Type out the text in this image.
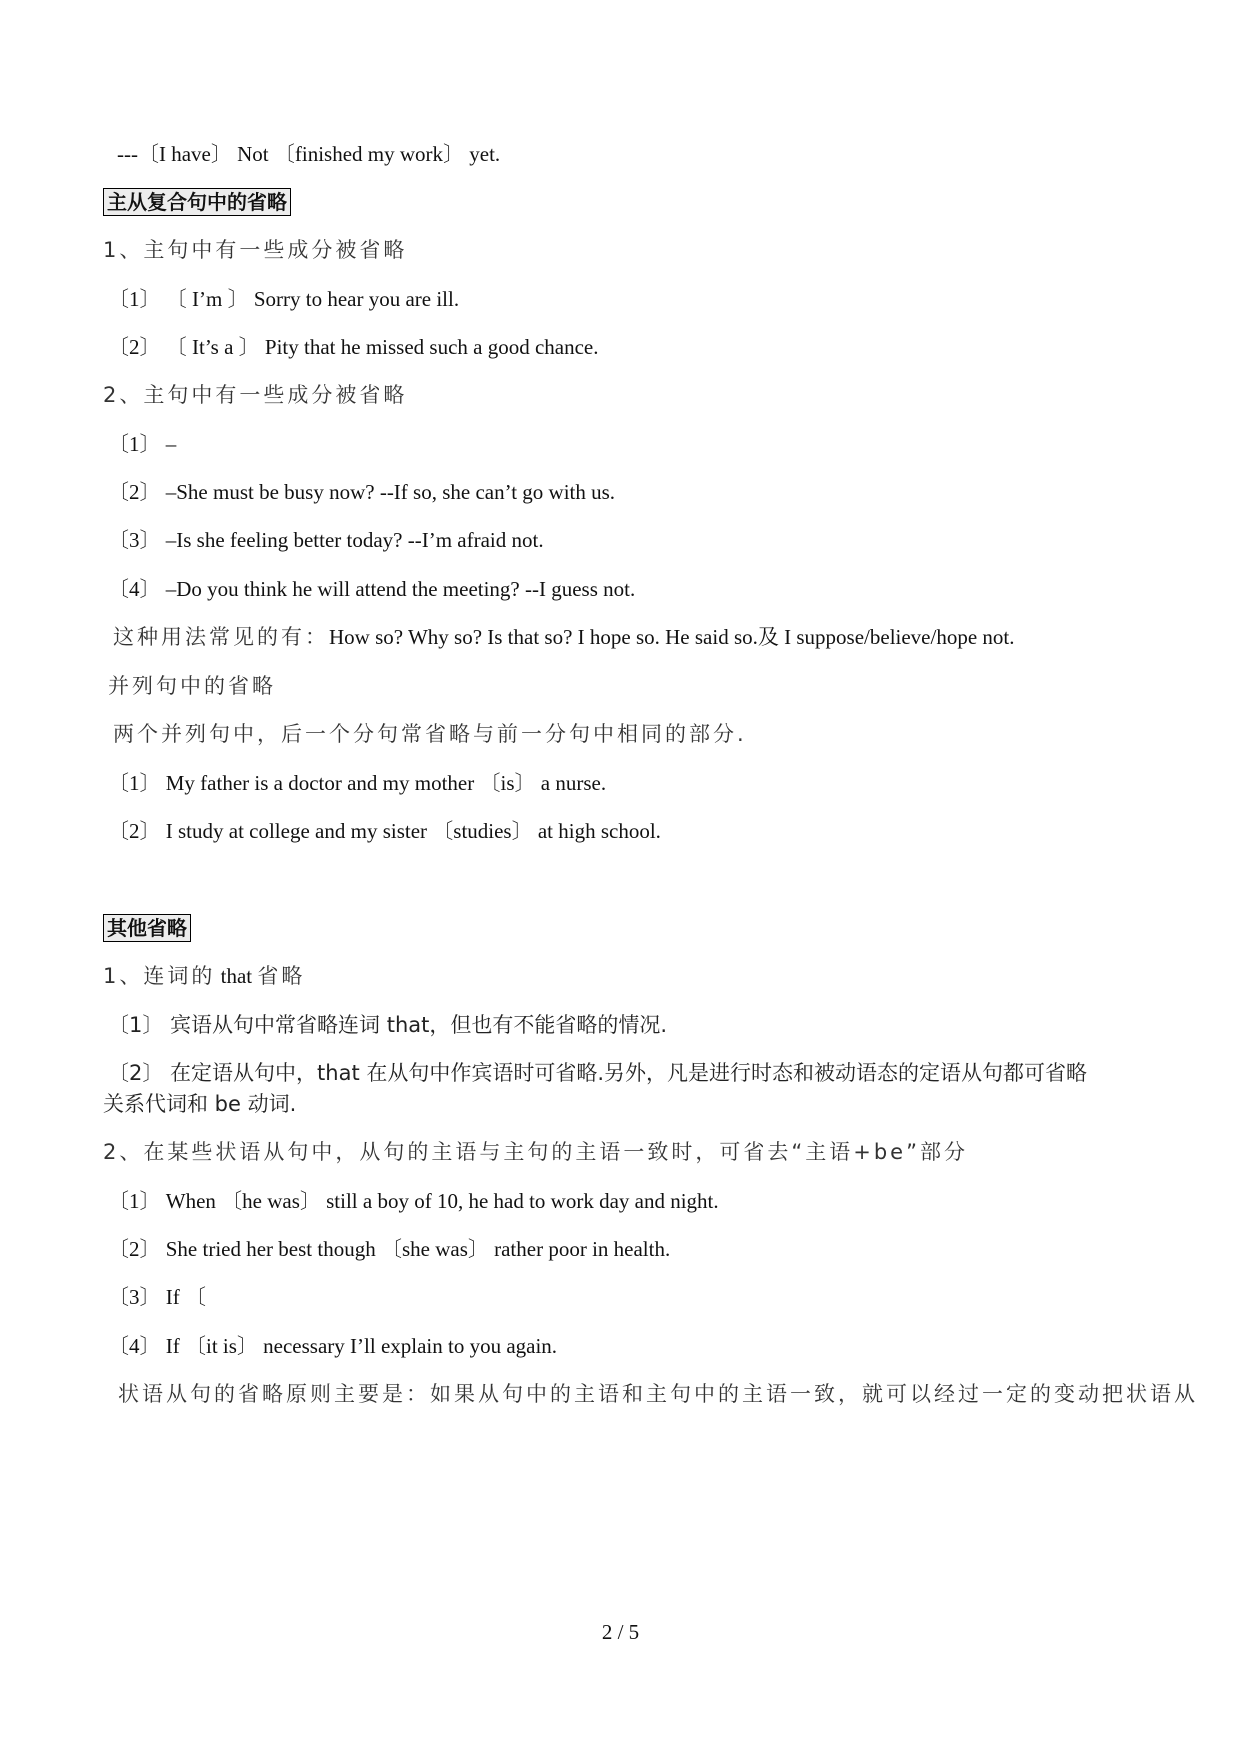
---〔I have〕 Not 〔finished my work〕 yet.
主从复合句中的省略
1、主句中有一些成分被省略
〔1〕 〔 I’m 〕 Sorry to hear you are ill.
〔2〕 〔 It’s a 〕 Pity that he missed such a good chance.
2、主句中有一些成分被省略
〔1〕 –
〔2〕 –She must be busy now? --If so, she can’t go with us.
〔3〕 –Is she feeling better today? --I’m afraid not.
〔4〕 –Do you think he will attend the meeting? --I guess not.
这种用法常见的有：How so? Why so? Is that so? I hope so. He said so.及 I suppose/believe/hope not.
并列句中的省略
两个并列句中，后一个分句常省略与前一分句中相同的部分.
〔1〕 My father is a doctor and my mother 〔is〕 a nurse.
〔2〕 I study at college and my sister 〔studies〕 at high school.
其他省略
1、连词的 that 省略
〔1〕 宾语从句中常省略连词 that，但也有不能省略的情况.
〔2〕 在定语从句中，that 在从句中作宾语时可省略.另外，凡是进行时态和被动语态的定语从句都可省略
关系代词和 be 动词.
2、在某些状语从句中，从句的主语与主句的主语一致时，可省去“主语+be”部分
〔1〕 When 〔he was〕 still a boy of 10, he had to work day and night.
〔2〕 She tried her best though 〔she was〕 rather poor in health.
〔3〕 If 〔
〔4〕 If 〔it is〕 necessary I’ll explain to you again.
状语从句的省略原则主要是：如果从句中的主语和主句中的主语一致，就可以经过一定的变动把状语从
2 / 5
